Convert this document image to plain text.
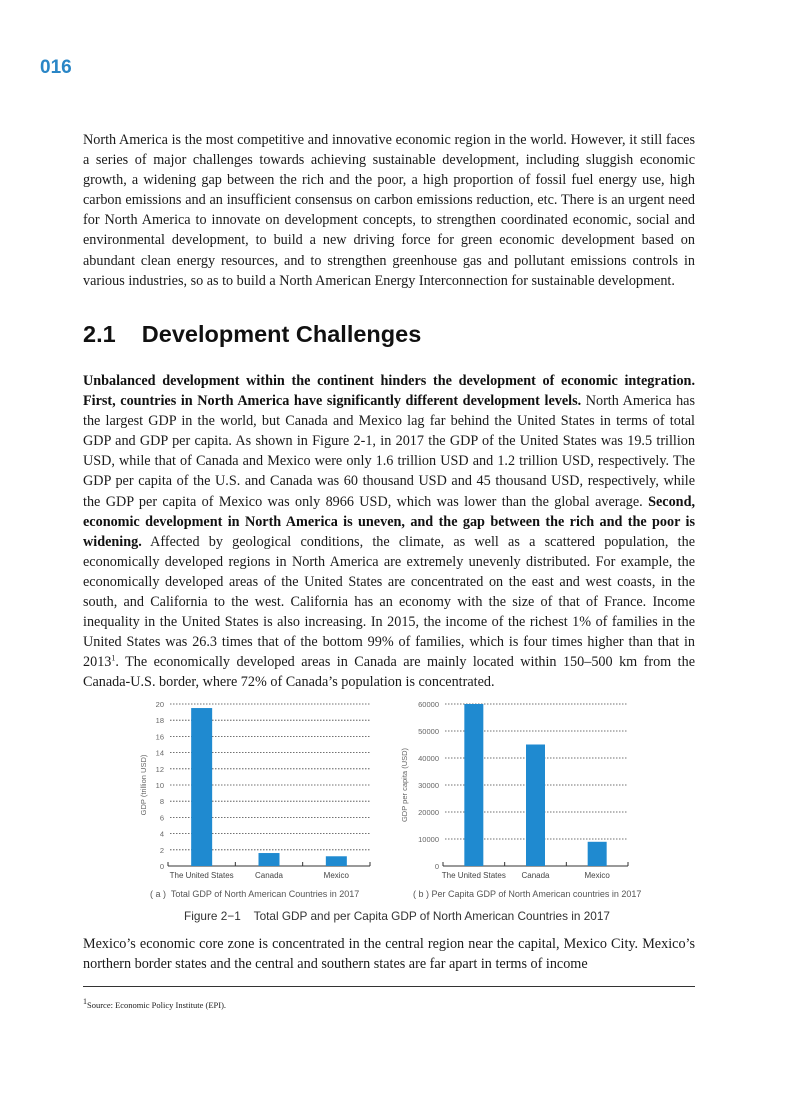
016

North America is the most competitive and innovative economic region in the world. However, it still faces a series of major challenges towards achieving sustainable development, including sluggish economic growth, a widening gap between the rich and the poor, a high proportion of fossil fuel energy use, high carbon emissions and an insufficient consensus on carbon emissions reduction, etc. There is an urgent need for North America to innovate on development concepts, to strengthen coordinated economic, social and environmental development, to build a new driving force for green economic development based on abundant clean energy resources, and to strengthen greenhouse gas and pollutant emissions controls in various industries, so as to build a North American Energy Interconnection for sustainable development.

2.1 Development Challenges

Unbalanced development within the continent hinders the development of economic integration. First, countries in North America have significantly different development levels. North America has the largest GDP in the world, but Canada and Mexico lag far behind the United States in terms of total GDP and GDP per capita. As shown in Figure 2-1, in 2017 the GDP of the United States was 19.5 trillion USD, while that of Canada and Mexico were only 1.6 trillion USD and 1.2 trillion USD, respectively. The GDP per capita of the U.S. and Canada was 60 thousand USD and 45 thousand USD, respectively, while the GDP per capita of Mexico was only 8966 USD, which was lower than the global average. Second, economic development in North America is uneven, and the gap between the rich and the poor is widening. Affected by geological conditions, the climate, as well as a scattered population, the economically developed regions in North America are extremely unevenly distributed. For example, the economically developed areas of the United States are concentrated on the east and west coasts, in the south, and California to the west. California has an economy with the size of that of France. Income inequality in the United States is also increasing. In 2015, the income of the richest 1% of families in the United States was 26.3 times that of the bottom 99% of families, which is four times higher than that in 2013$^1$. The economically developed areas in Canada are mainly located within 150–500 km from the Canada-U.S. border, where 72% of Canada’s population is concentrated.

0
2
4
6
8
10
12
14
16
18
20
The United States	Canada	Mexico
GDP (trillion USD)
0
10000
20000
30000
40000
50000
60000
The United States Canada	Mexico
GDP per capita (USD)
( a )  Total GDP of North American Countries in 2017	( b ) Per Capita GDP of North American countries in 2017
Figure 2−1    Total GDP and per Capita GDP of North American Countries in 2017

Mexico’s economic core zone is concentrated in the central region near the capital, Mexico City. Mexico’s northern border states and the central and southern states are far apart in terms of income

$^1$Source: Economic Policy Institute (EPI).
